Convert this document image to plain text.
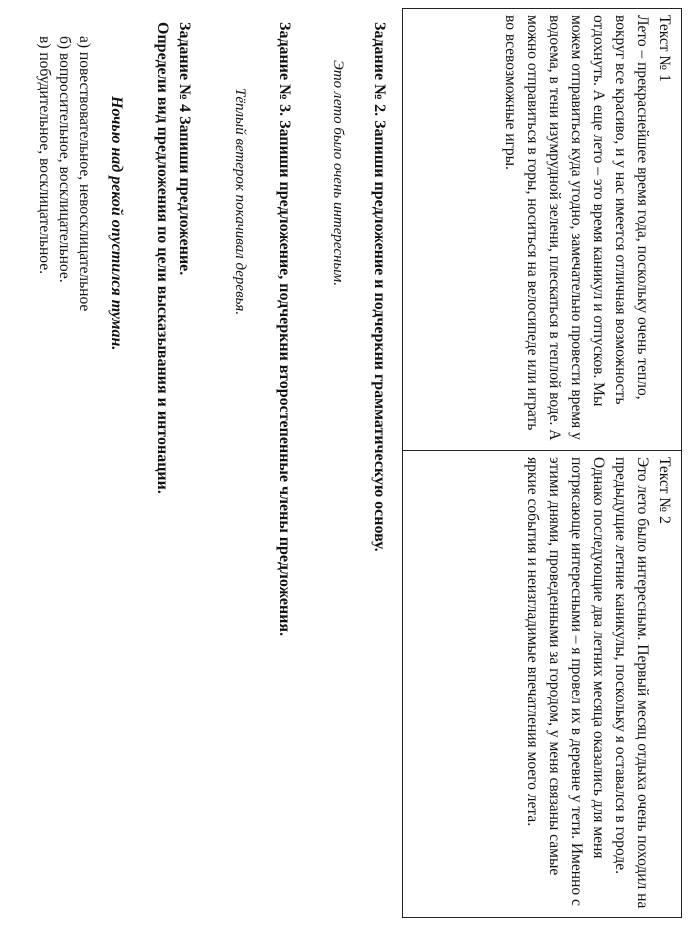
Текст № 1
Лето – прекраснейшее время года, поскольку очень тепло, вокруг все красиво, и у нас имеется отличная возможность отдохнуть. А еще лето – это время каникул и отпусков. Мы можем отправиться куда угодно, замечательно провести время у водоема, в тени изумрудной зелени, плескаться в теплой воде. А можно отправиться в горы, носиться на велосипеде или играть во всевозможные игры.
Текст № 2
Это лето было интересным. Первый месяц отдыха очень походил на предыдущие летние каникулы, поскольку я оставался в городе. Однако последующие два летних месяца оказались для меня потрясающе интересными – я провел их в деревне у тети. Именно с этими днями, проведенными за городом, у меня связаны самые яркие события и неизгладимые впечатления моего лета.
Задание № 2. Запиши предложение и подчеркни грамматическую основу.
Это лето было очень интересным.
Задание № 3. Запиши предложение, подчеркни второстепенные члены предложения.
Тёплый ветерок покачивал деревья.
Задание № 4 Запиши предложение.
Определи вид предложения по цели высказывания и интонации.
Ночью над рекой опустился туман.
а) повествовательное, невосклицательное
б) вопросительное, восклицательное.
в) побудительное, восклицательное.
